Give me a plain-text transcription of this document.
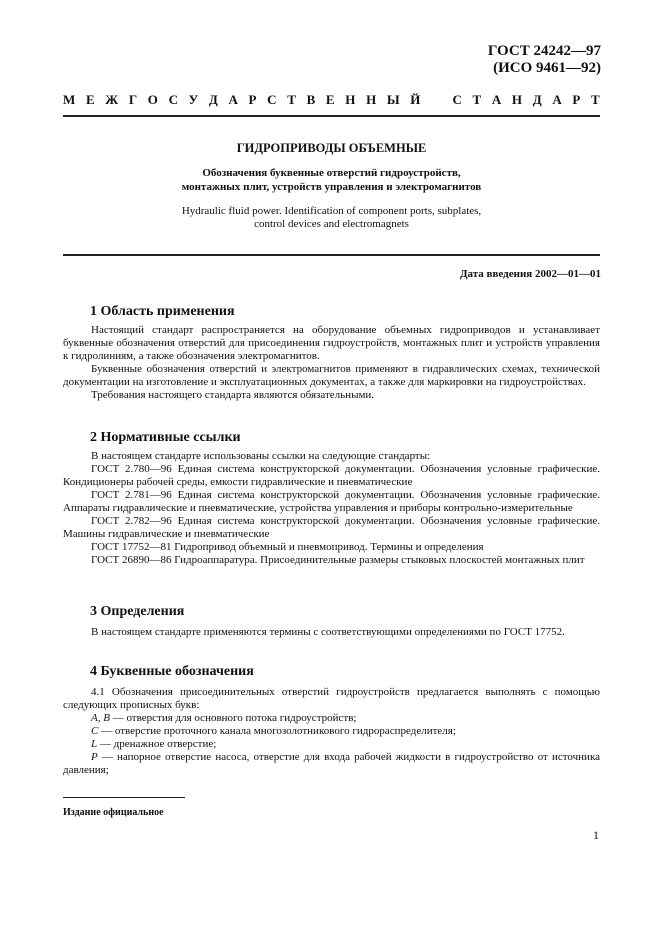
ГОСТ 24242—97
(ИСО 9461—92)
М Е Ж Г О С У Д А Р С Т В Е Н Н Ы Й С Т А Н Д А Р Т
ГИДРОПРИВОДЫ ОБЪЕМНЫЕ
Обозначения буквенные отверстий гидроустройств,
монтажных плит, устройств управления и электромагнитов
Hydraulic fluid power. Identification of component ports, subplates,
control devices and electromagnets
Дата введения 2002—01—01
1 Область применения

Настоящий стандарт распространяется на оборудование объемных гидроприводов и устанавливает буквенные обозначения отверстий для присоединения гидроустройств, монтажных плит и устройств управления к гидролиниям, а также обозначения электромагнитов.

Буквенные обозначения отверстий и электромагнитов применяют в гидравлических схемах, технической документации на изготовление и эксплуатационных документах, а также для маркировки на гидроустройствах.

Требования настоящего стандарта являются обязательными.

2 Нормативные ссылки

В настоящем стандарте использованы ссылки на следующие стандарты:

ГОСТ 2.780—96 Единая система конструкторской документации. Обозначения условные графические. Кондиционеры рабочей среды, емкости гидравлические и пневматические

ГОСТ 2.781—96 Единая система конструкторской документации. Обозначения условные графические. Аппараты гидравлические и пневматические, устройства управления и приборы контрольно-измерительные

ГОСТ 2.782—96 Единая система конструкторской документации. Обозначения условные графические. Машины гидравлические и пневматические

ГОСТ 17752—81 Гидропривод объемный и пневмопривод. Термины и определения

ГОСТ 26890—86 Гидроаппаратура. Присоединительные размеры стыковых плоскостей монтажных плит

3 Определения

В настоящем стандарте применяются термины с соответствующими определениями по ГОСТ 17752.

4 Буквенные обозначения

4.1 Обозначения присоединительных отверстий гидроустройств предлагается выполнять с помощью следующих прописных букв:

А, В — отверстия для основного потока гидроустройств;

С — отверстие проточного канала многозолотникового гидрораспределителя;

L — дренажное отверстие;

Р — напорное отверстие насоса, отверстие для входа рабочей жидкости в гидроустройство от источника давления;

Издание официальное
1
